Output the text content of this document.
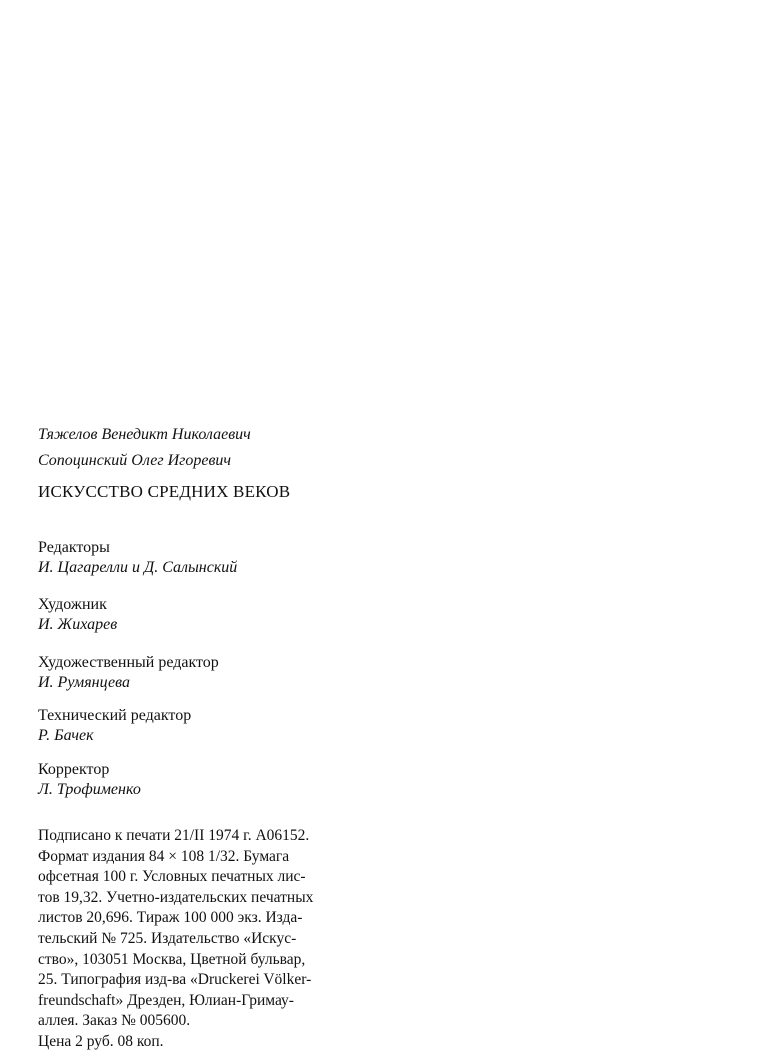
Тяжелов Венедикт Николаевич
Сопоцинский Олег Игоревич
ИСКУССТВО СРЕДНИХ ВЕКОВ
Редакторы
И. Цагарелли и Д. Салынский
Художник
И. Жихарев
Художественный редактор
И. Румянцева
Технический редактор
Р. Бачек
Корректор
Л. Трофименко
Подписано к печати 21/II 1974 г. А06152.
Формат издания 84 × 108 1/32. Бумага
офсетная 100 г. Условных печатных лис-
тов 19,32. Учетно-издательских печатных
листов 20,696. Тираж 100 000 экз. Изда-
тельский № 725. Издательство «Искус-
ство», 103051 Москва, Цветной бульвар,
25. Типография изд-ва «Druckerei Völker-
freundschaft» Дрезден, Юлиан-Гримау-
аллея. Заказ № 005600.
Цена 2 руб. 08 коп.
